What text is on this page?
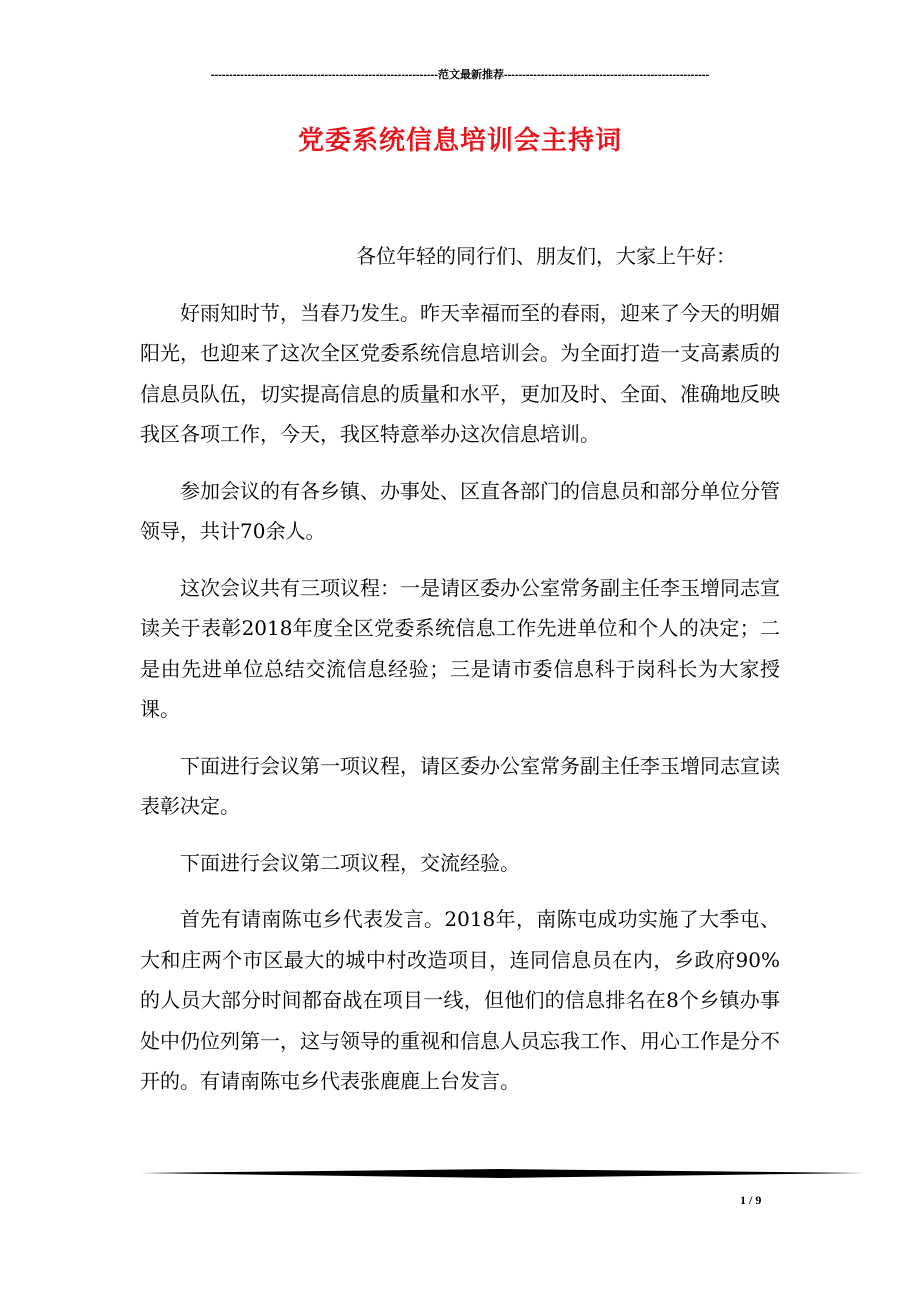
--------------------------------------------------------------范文最新推荐--------------------------------------------------------
党委系统信息培训会主持词

各位年轻的同行们、朋友们，大家上午好：

好雨知时节，当春乃发生。昨天幸福而至的春雨，迎来了今天的明媚阳光，也迎来了这次全区党委系统信息培训会。为全面打造一支高素质的信息员队伍，切实提高信息的质量和水平，更加及时、全面、准确地反映我区各项工作，今天，我区特意举办这次信息培训。

参加会议的有各乡镇、办事处、区直各部门的信息员和部分单位分管领导，共计70余人。

这次会议共有三项议程：一是请区委办公室常务副主任李玉增同志宣读关于表彰2018年度全区党委系统信息工作先进单位和个人的决定；二是由先进单位总结交流信息经验；三是请市委信息科于岗科长为大家授课。

下面进行会议第一项议程，请区委办公室常务副主任李玉增同志宣读表彰决定。

下面进行会议第二项议程，交流经验。

首先有请南陈屯乡代表发言。2018年，南陈屯成功实施了大季屯、大和庄两个市区最大的城中村改造项目，连同信息员在内，乡政府90%的人员大部分时间都奋战在项目一线，但他们的信息排名在8个乡镇办事处中仍位列第一，这与领导的重视和信息人员忘我工作、用心工作是分不开的。有请南陈屯乡代表张鹿鹿上台发言。

1 / 9
